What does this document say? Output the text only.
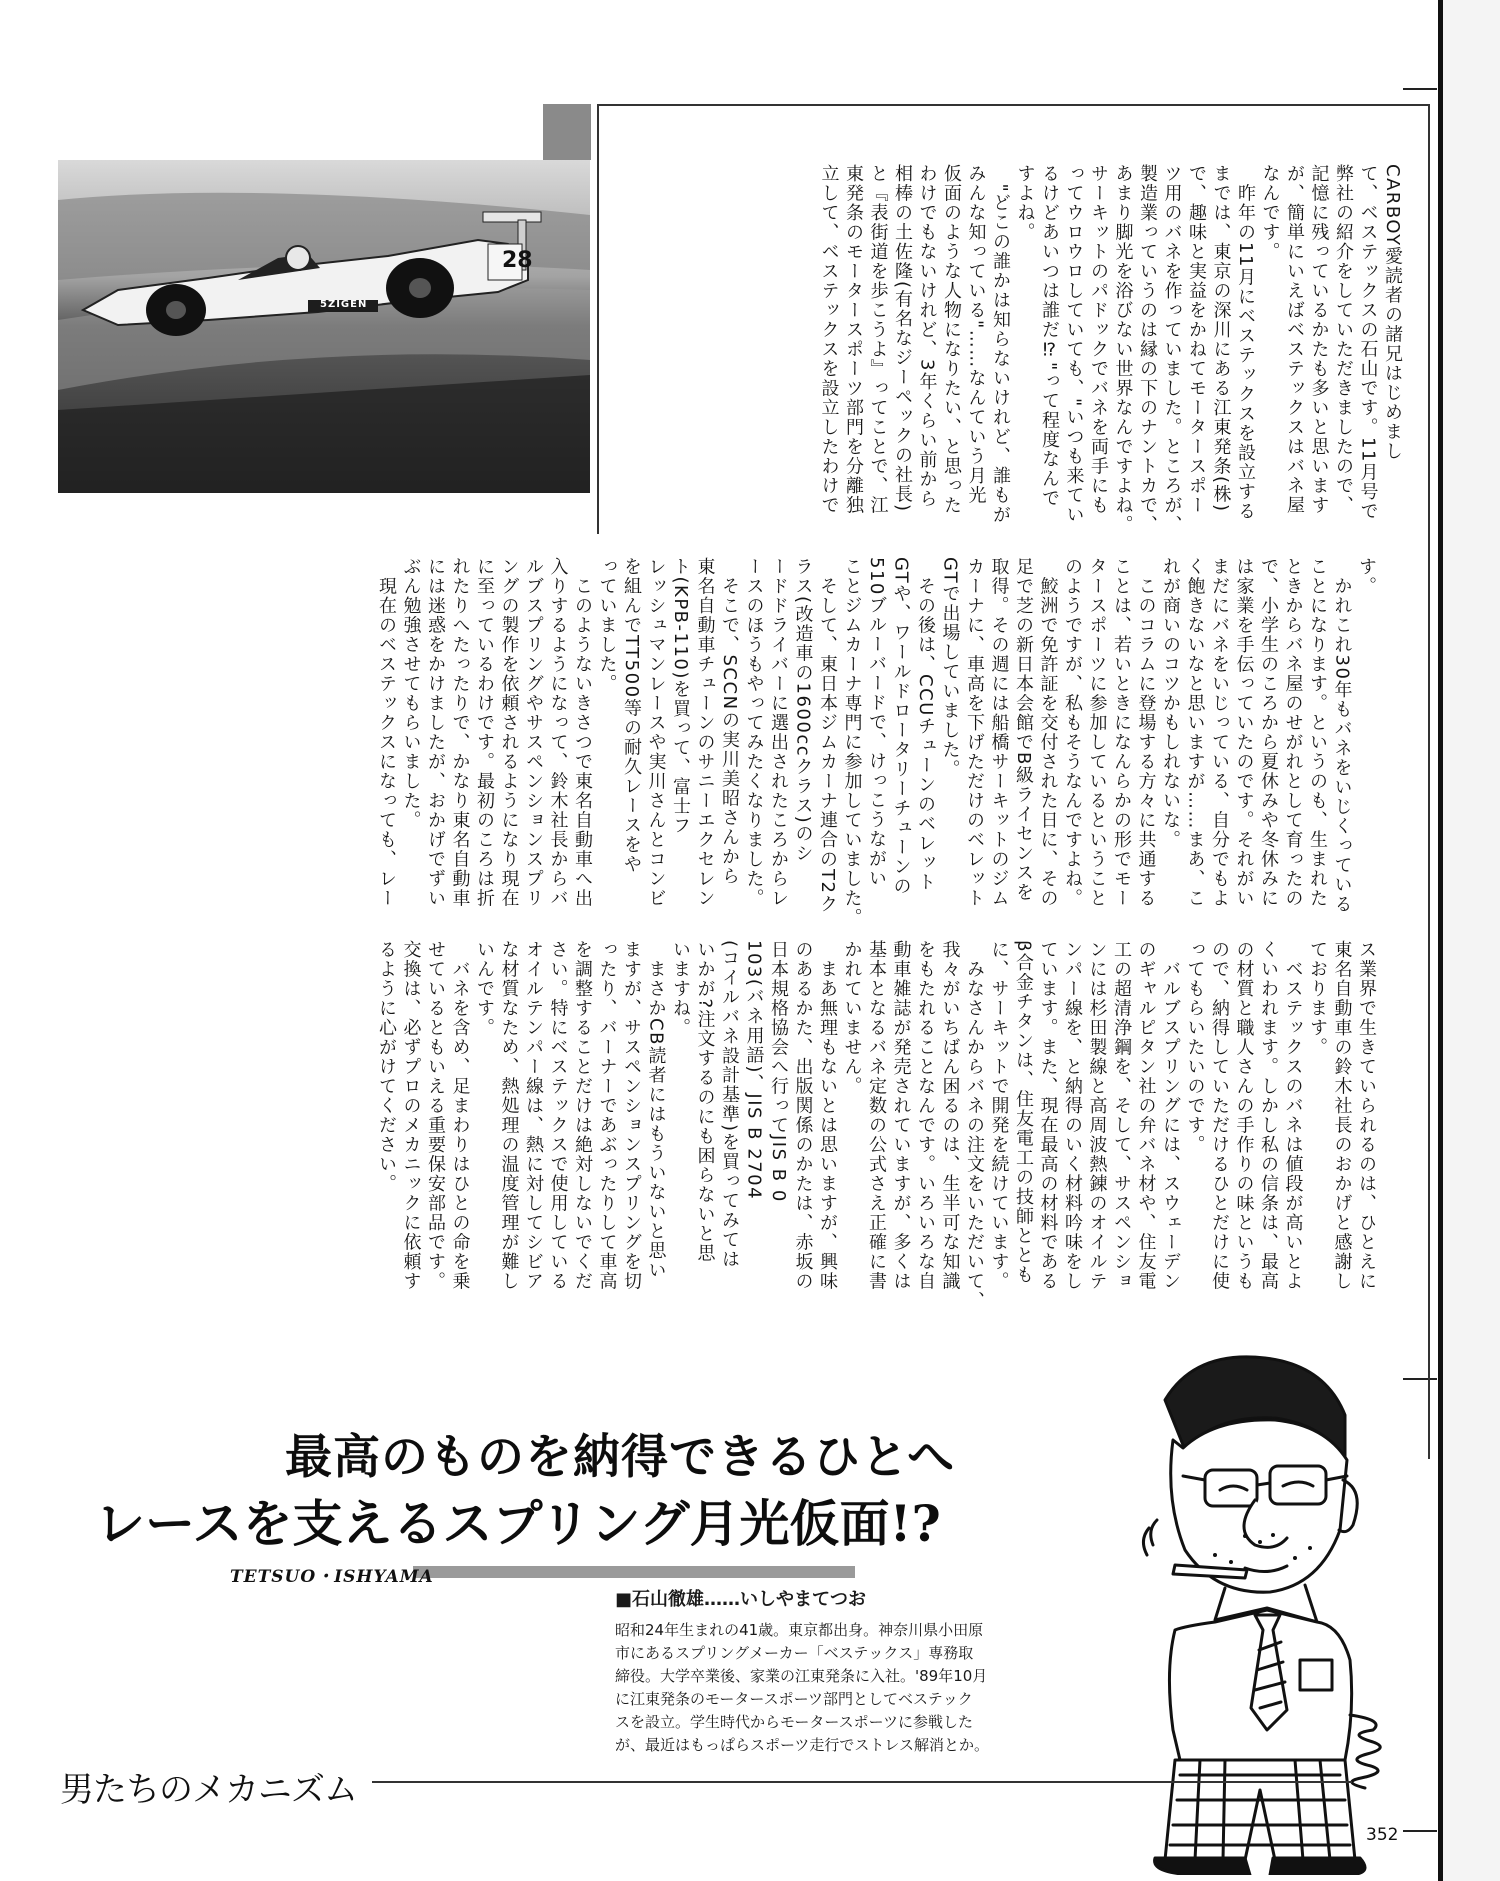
28
5ZIGEN	CARBOY愛読者の諸兄はじめまし
て、ベステックスの石山です。11月号で
弊社の紹介をしていただきましたので、
記憶に残っているかたも多いと思います
が、簡単にいえばベステックスはバネ屋
なんです。
　昨年の11月にベステックスを設立する
までは、東京の深川にある江東発条(株)
で、趣味と実益をかねてモータースポー
ツ用のバネを作っていました。ところが、
製造業っていうのは縁の下のナントカで、
あまり脚光を浴びない世界なんですよね。
サーキットのパドックでバネを両手にも
ってウロウロしていても、"いつも来てい
るけどあいつは誰だ⁉"って程度なんで
すよね。
　"どこの誰かは知らないけれど、誰もが
みんな知っている"……なんていう月光
仮面のような人物になりたい、と思った
わけでもないけれど、3年くらい前から
相棒の土佐隆(有名なジーペックの社長)
と『表街道を歩こうよ』ってことで、江
東発条のモータースポーツ部門を分離独
立して、ベステックスを設立したわけで
す。
　かれこれ30年もバネをいじくっている
ことになります。というのも、生まれた
ときからバネ屋のせがれとして育ったの
で、小学生のころから夏休みや冬休みに
は家業を手伝っていたのです。それがい
まだにバネをいじっている、自分でもよ
く飽きないなと思いますが……まあ、こ
れが商いのコツかもしれないな。
　このコラムに登場する方々に共通する
ことは、若いときになんらかの形でモー
タースポーツに参加しているということ
のようですが、私もそうなんですよね。
　鮫洲で免許証を交付された日に、その
足で芝の新日本会館でB級ライセンスを
取得。その週には船橋サーキットのジム
カーナに、車高を下げただけのベレット
GTで出場していました。
　その後は、CCUチューンのベレット
GTや、ワールドロータリーチューンの
510ブルーバードで、けっこうながい
ことジムカーナ専門に参加していました。
　そして、東日本ジムカーナ連合のT2ク
ラス(改造車の1600ccクラス)のシ
ードドライバーに選出されたころからレ
ースのほうもやってみたくなりました。
　そこで、SCCNの実川美昭さんから
東名自動車チューンのサニーエクセレン
ト(KPB-110)を買って、富士フ
レッシュマンレースや実川さんとコンビ
を組んでTT500等の耐久レースをや
っていました。
　このようないきさつで東名自動車へ出
入りするようになって、鈴木社長からバ
ルブスプリングやサスペンションスプリ
ングの製作を依頼されるようになり現在
に至っているわけです。最初のころは折
れたりへたったりで、かなり東名自動車
には迷惑をかけましたが、おかげでずい
ぶん勉強させてもらいました。
　現在のベステックスになっても、レー
ス業界で生きていられるのは、ひとえに
東名自動車の鈴木社長のおかげと感謝し
ております。
　ベステックスのバネは値段が高いとよ
くいわれます。しかし私の信条は、最高
の材質と職人さんの手作りの味というも
ので、納得していただけるひとだけに使
ってもらいたいのです。
　バルブスプリングには、スウェーデン
のギャルピタン社の弁バネ材や、住友電
工の超清浄鋼を、そして、サスペンショ
ンには杉田製線と高周波熱錬のオイルテ
ンパー線を、と納得のいく材料吟味をし
ています。また、現在最高の材料である
β合金チタンは、住友電工の技師ととも
に、サーキットで開発を続けています。
　みなさんからバネの注文をいただいて、
我々がいちばん困るのは、生半可な知識
をもたれることなんです。いろいろな自
動車雑誌が発売されていますが、多くは
基本となるバネ定数の公式さえ正確に書
かれていません。
　まあ無理もないとは思いますが、興味
のあるかた、出版関係のかたは、赤坂の
日本規格協会へ行ってJIS B 0
103(バネ用語)、JIS B 2704
(コイルバネ設計基準)を買ってみては
いかが?注文するのにも困らないと思
いますね。
　まさかCB読者にはもういないと思い
ますが、サスペンションスプリングを切
ったり、バーナーであぶったりして車高
を調整することだけは絶対しないでくだ
さい。特にベステックスで使用している
オイルテンパー線は、熱に対してシビア
な材質なため、熱処理の温度管理が難し
いんです。
　バネを含め、足まわりはひとの命を乗
せているともいえる重要保安部品です。
交換は、必ずプロのメカニックに依頼す
るように心がけてください。
最高のものを納得できるひとへ
レースを支えるスプリング月光仮面!?
TETSUO・ISHYAMA
■石山徹雄……いしやまてつお
昭和24年生まれの41歳。東京都出身。神奈川県小田原
市にあるスプリングメーカー「ベステックス」専務取
締役。大学卒業後、家業の江東発条に入社。'89年10月
に江東発条のモータースポーツ部門としてベステック
スを設立。学生時代からモータースポーツに参戦した
が、最近はもっぱらスポーツ走行でストレス解消とか。
男たちのメカニズム
352
